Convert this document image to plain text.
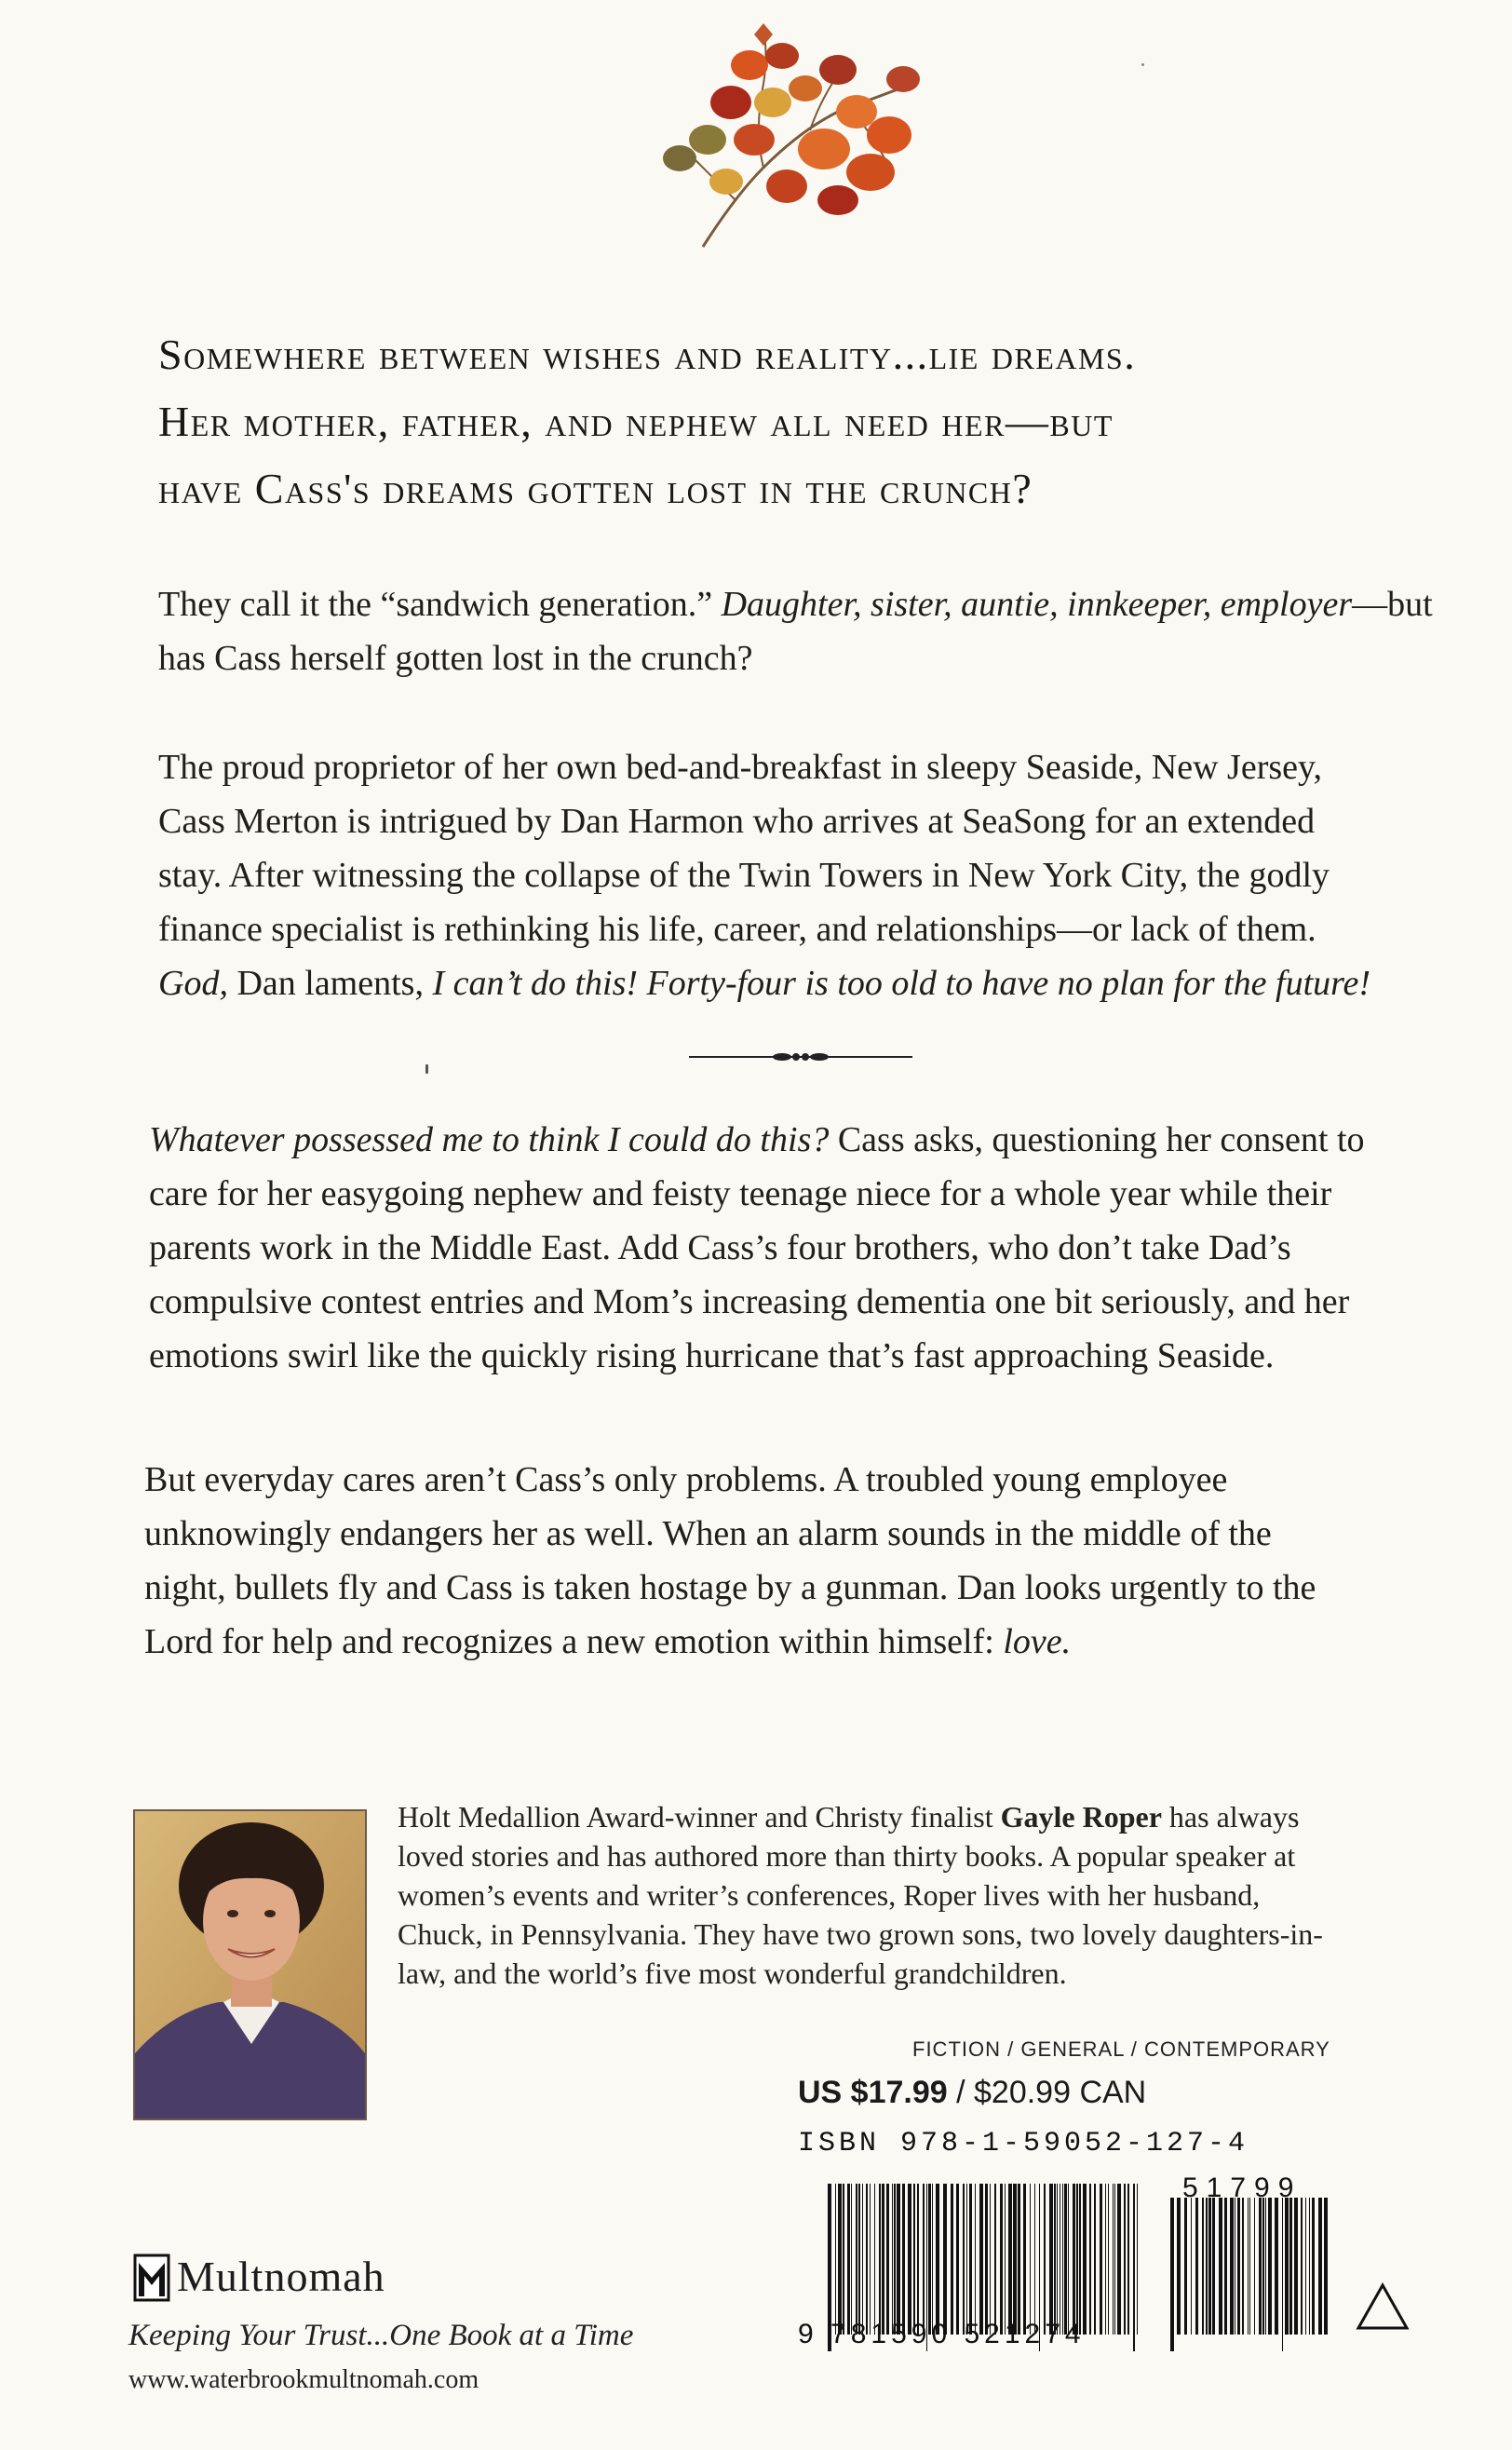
Somewhere between wishes and reality...lie dreams.
Her mother, father, and nephew all need her—but
have Cass's dreams gotten lost in the crunch?
They call it the “sandwich generation.” Daughter, sister, auntie, innkeeper, employer—but
has Cass herself gotten lost in the crunch?
The proud proprietor of her own bed-and-breakfast in sleepy Seaside, New Jersey,
Cass Merton is intrigued by Dan Harmon who arrives at SeaSong for an extended
stay. After witnessing the collapse of the Twin Towers in New York City, the godly
finance specialist is rethinking his life, career, and relationships—or lack of them.
God, Dan laments, I can’t do this! Forty-four is too old to have no plan for the future!
Whatever possessed me to think I could do this? Cass asks, questioning her consent to
care for her easygoing nephew and feisty teenage niece for a whole year while their
parents work in the Middle East. Add Cass’s four brothers, who don’t take Dad’s
compulsive contest entries and Mom’s increasing dementia one bit seriously, and her
emotions swirl like the quickly rising hurricane that’s fast approaching Seaside.
But everyday cares aren’t Cass’s only problems. A troubled young employee
unknowingly endangers her as well. When an alarm sounds in the middle of the
night, bullets fly and Cass is taken hostage by a gunman. Dan looks urgently to the
Lord for help and recognizes a new emotion within himself: love.
Holt Medallion Award-winner and Christy finalist Gayle Roper has always
loved stories and has authored more than thirty books. A popular speaker at
women’s events and writer’s conferences, Roper lives with her husband,
Chuck, in Pennsylvania. They have two grown sons, two lovely daughters-in-
law, and the world’s five most wonderful grandchildren.
FICTION / GENERAL / CONTEMPORARY
US $17.99 / $20.99 CAN
ISBN 978-1-59052-127-4
9 781590 521274
51799
Multnomah
Keeping Your Trust...One Book at a Time
www.waterbrookmultnomah.com
